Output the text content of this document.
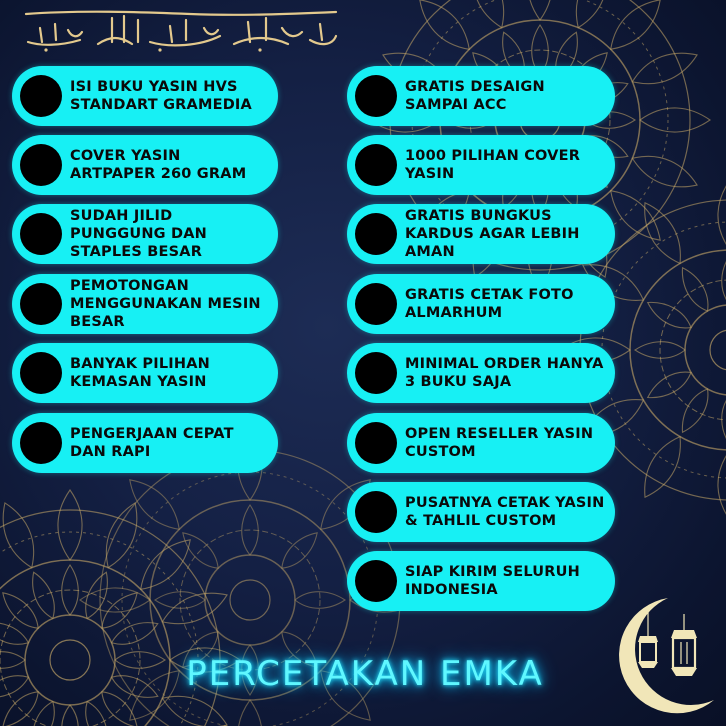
ISI BUKU YASIN HVS STANDART GRAMEDIA
COVER YASIN ARTPAPER 260 GRAM
SUDAH JILID PUNGGUNG DAN STAPLES BESAR
PEMOTONGAN MENGGUNAKAN MESIN BESAR
BANYAK PILIHAN KEMASAN YASIN
PENGERJAAN CEPAT DAN RAPI
GRATIS DESAIGN SAMPAI ACC
1000 PILIHAN COVER YASIN
GRATIS BUNGKUS KARDUS AGAR LEBIH AMAN
GRATIS CETAK FOTO ALMARHUM
MINIMAL ORDER HANYA 3 BUKU SAJA
OPEN RESELLER YASIN CUSTOM
PUSATNYA CETAK YASIN & TAHLIL CUSTOM
SIAP KIRIM SELURUH INDONESIA
PERCETAKAN EMKA
